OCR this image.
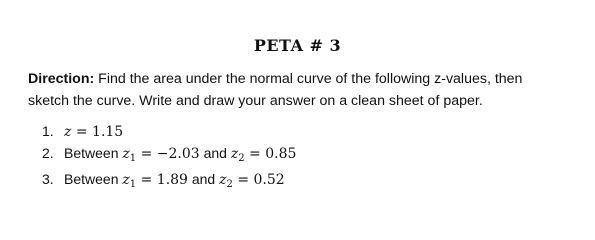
PETA # 3
Direction: Find the area under the normal curve of the following z-values, then
sketch the curve. Write and draw your answer on a clean sheet of paper.
1. z = 1.15
2. Between $z_1 = -2.03$ and $z_2 = 0.85$
3. Between $z_1 = 1.89$ and $z_2 = 0.52$
